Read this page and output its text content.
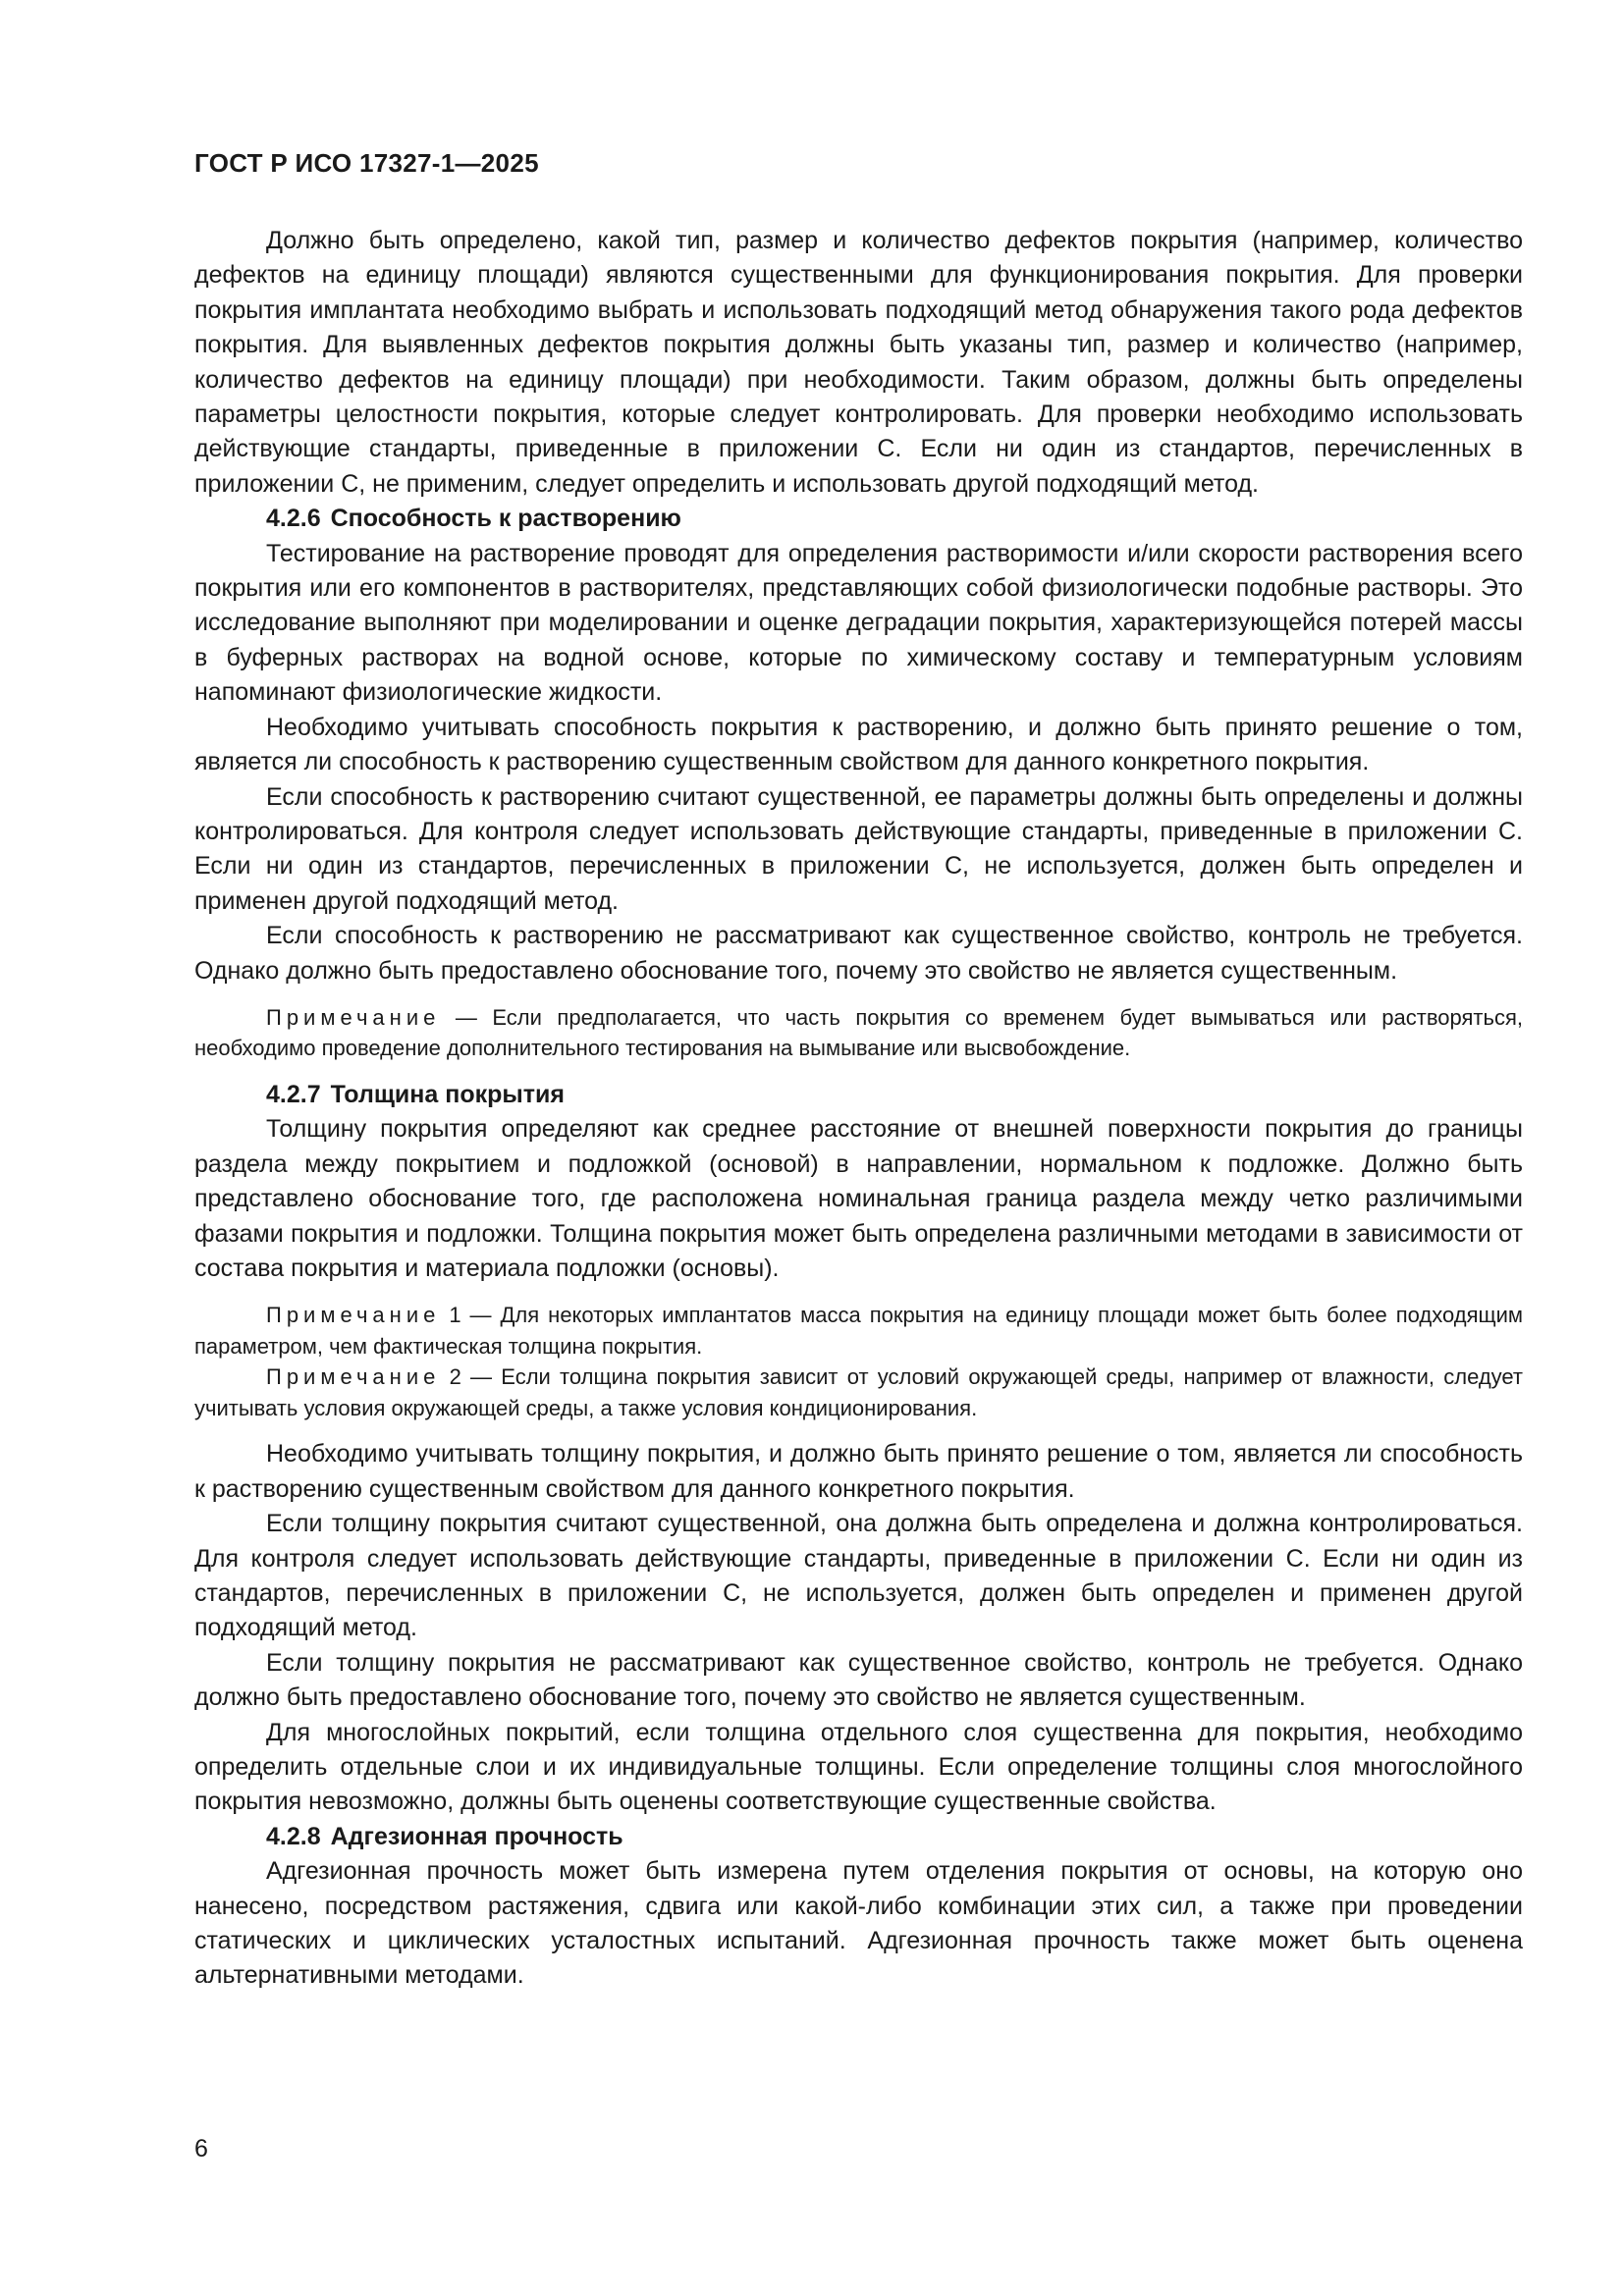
ГОСТ Р ИСО 17327-1—2025

Должно быть определено, какой тип, размер и количество дефектов покрытия (например, количество дефектов на единицу площади) являются существенными для функционирования покрытия. Для проверки покрытия имплантата необходимо выбрать и использовать подходящий метод обнаружения такого рода дефектов покрытия. Для выявленных дефектов покрытия должны быть указаны тип, размер и количество (например, количество дефектов на единицу площади) при необходимости. Таким образом, должны быть определены параметры целостности покрытия, которые следует контролировать. Для проверки необходимо использовать действующие стандарты, приведенные в приложении С. Если ни один из стандартов, перечисленных в приложении С, не применим, следует определить и использовать другой подходящий метод.

4.2.6 Способность к растворению

Тестирование на растворение проводят для определения растворимости и/или скорости растворения всего покрытия или его компонентов в растворителях, представляющих собой физиологически подобные растворы. Это исследование выполняют при моделировании и оценке деградации покрытия, характеризующейся потерей массы в буферных растворах на водной основе, которые по химическому составу и температурным условиям напоминают физиологические жидкости.

Необходимо учитывать способность покрытия к растворению, и должно быть принято решение о том, является ли способность к растворению существенным свойством для данного конкретного покрытия.

Если способность к растворению считают существенной, ее параметры должны быть определены и должны контролироваться. Для контроля следует использовать действующие стандарты, приведенные в приложении С. Если ни один из стандартов, перечисленных в приложении С, не используется, должен быть определен и применен другой подходящий метод.

Если способность к растворению не рассматривают как существенное свойство, контроль не требуется. Однако должно быть предоставлено обоснование того, почему это свойство не является существенным.

Примечание — Если предполагается, что часть покрытия со временем будет вымываться или растворяться, необходимо проведение дополнительного тестирования на вымывание или высвобождение.

4.2.7 Толщина покрытия

Толщину покрытия определяют как среднее расстояние от внешней поверхности покрытия до границы раздела между покрытием и подложкой (основой) в направлении, нормальном к подложке. Должно быть представлено обоснование того, где расположена номинальная граница раздела между четко различимыми фазами покрытия и подложки. Толщина покрытия может быть определена различными методами в зависимости от состава покрытия и материала подложки (основы).

Примечание 1 — Для некоторых имплантатов масса покрытия на единицу площади может быть более подходящим параметром, чем фактическая толщина покрытия.

Примечание 2 — Если толщина покрытия зависит от условий окружающей среды, например от влажности, следует учитывать условия окружающей среды, а также условия кондиционирования.

Необходимо учитывать толщину покрытия, и должно быть принято решение о том, является ли способность к растворению существенным свойством для данного конкретного покрытия.

Если толщину покрытия считают существенной, она должна быть определена и должна контролироваться. Для контроля следует использовать действующие стандарты, приведенные в приложении С. Если ни один из стандартов, перечисленных в приложении С, не используется, должен быть определен и применен другой подходящий метод.

Если толщину покрытия не рассматривают как существенное свойство, контроль не требуется. Однако должно быть предоставлено обоснование того, почему это свойство не является существенным.

Для многослойных покрытий, если толщина отдельного слоя существенна для покрытия, необходимо определить отдельные слои и их индивидуальные толщины. Если определение толщины слоя многослойного покрытия невозможно, должны быть оценены соответствующие существенные свойства.

4.2.8 Адгезионная прочность

Адгезионная прочность может быть измерена путем отделения покрытия от основы, на которую оно нанесено, посредством растяжения, сдвига или какой-либо комбинации этих сил, а также при проведении статических и циклических усталостных испытаний. Адгезионная прочность также может быть оценена альтернативными методами.

6
